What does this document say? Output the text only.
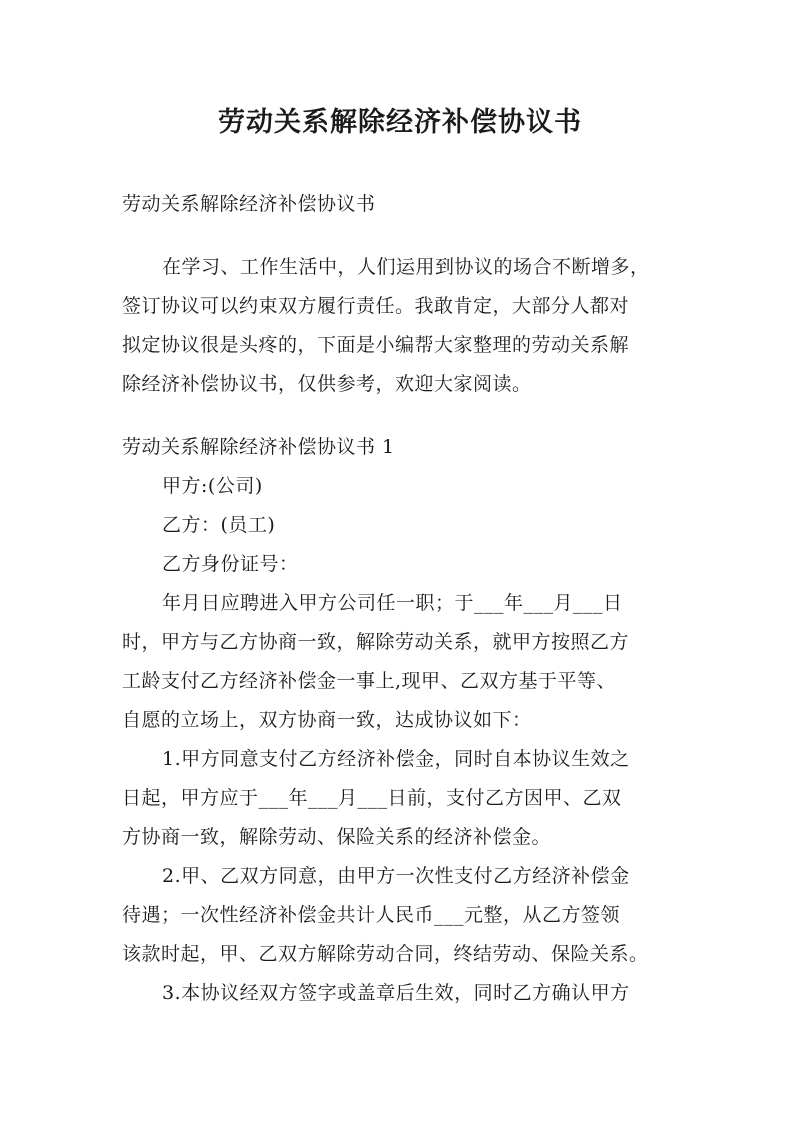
劳动关系解除经济补偿协议书
劳动关系解除经济补偿协议书
在学习、工作生活中，人们运用到协议的场合不断增多，
签订协议可以约束双方履行责任。我敢肯定，大部分人都对
拟定协议很是头疼的，下面是小编帮大家整理的劳动关系解
除经济补偿协议书，仅供参考，欢迎大家阅读。
劳动关系解除经济补偿协议书 1
甲方:(公司)
乙方：(员工)
乙方身份证号：
年月日应聘进入甲方公司任一职；于___年___月___日
时，甲方与乙方协商一致，解除劳动关系，就甲方按照乙方
工龄支付乙方经济补偿金一事上,现甲、乙双方基于平等、
自愿的立场上，双方协商一致，达成协议如下：
1.甲方同意支付乙方经济补偿金，同时自本协议生效之
日起，甲方应于___年___月___日前，支付乙方因甲、乙双
方协商一致，解除劳动、保险关系的经济补偿金。
2.甲、乙双方同意，由甲方一次性支付乙方经济补偿金
待遇；一次性经济补偿金共计人民币___元整，从乙方签领
该款时起，甲、乙双方解除劳动合同，终结劳动、保险关系。
3.本协议经双方签字或盖章后生效，同时乙方确认甲方
